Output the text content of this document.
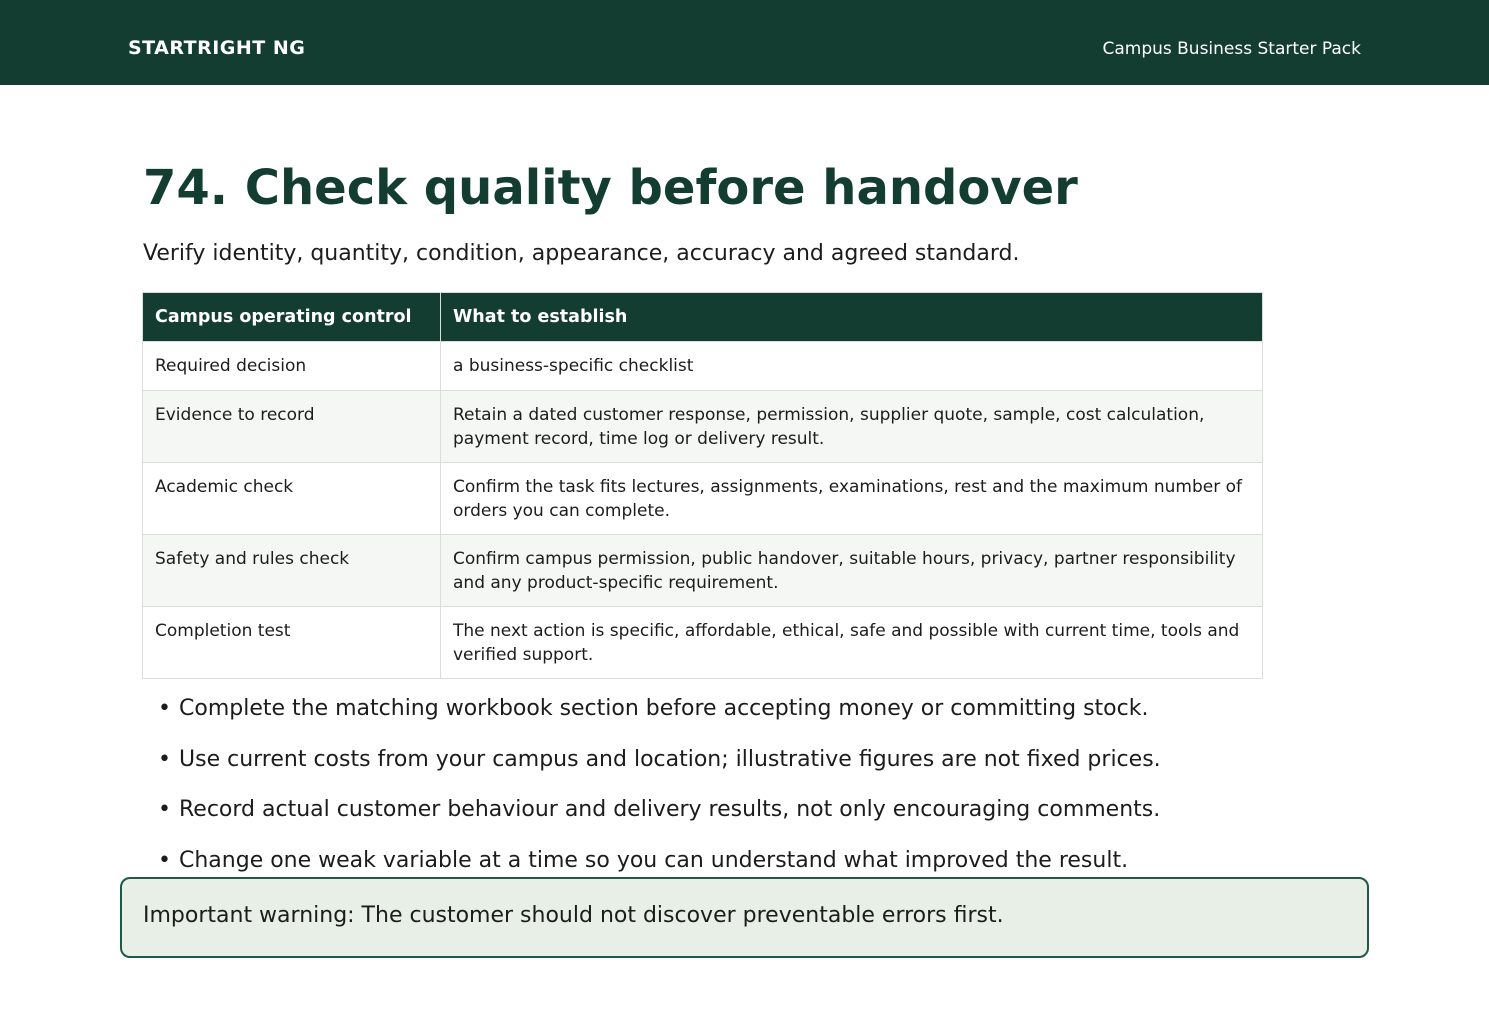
STARTRIGHT NG	Campus Business Starter Pack
74. Check quality before handover

Verify identity, quantity, condition, appearance, accuracy and agreed standard.

Campus operating control	What to establish
Required decision	a business-specific checklist
Evidence to record	Retain a dated customer response, permission, supplier quote, sample, cost calculation, payment record, time log or delivery result.
Academic check	Confirm the task fits lectures, assignments, examinations, rest and the maximum number of orders you can complete.
Safety and rules check	Confirm campus permission, public handover, suitable hours, privacy, partner responsibility and any product-specific requirement.
Completion test	The next action is specific, affordable, ethical, safe and possible with current time, tools and verified support.
• Complete the matching workbook section before accepting money or committing stock.
• Use current costs from your campus and location; illustrative figures are not fixed prices.
• Record actual customer behaviour and delivery results, not only encouraging comments.
• Change one weak variable at a time so you can understand what improved the result.
Important warning: The customer should not discover preventable errors first.
